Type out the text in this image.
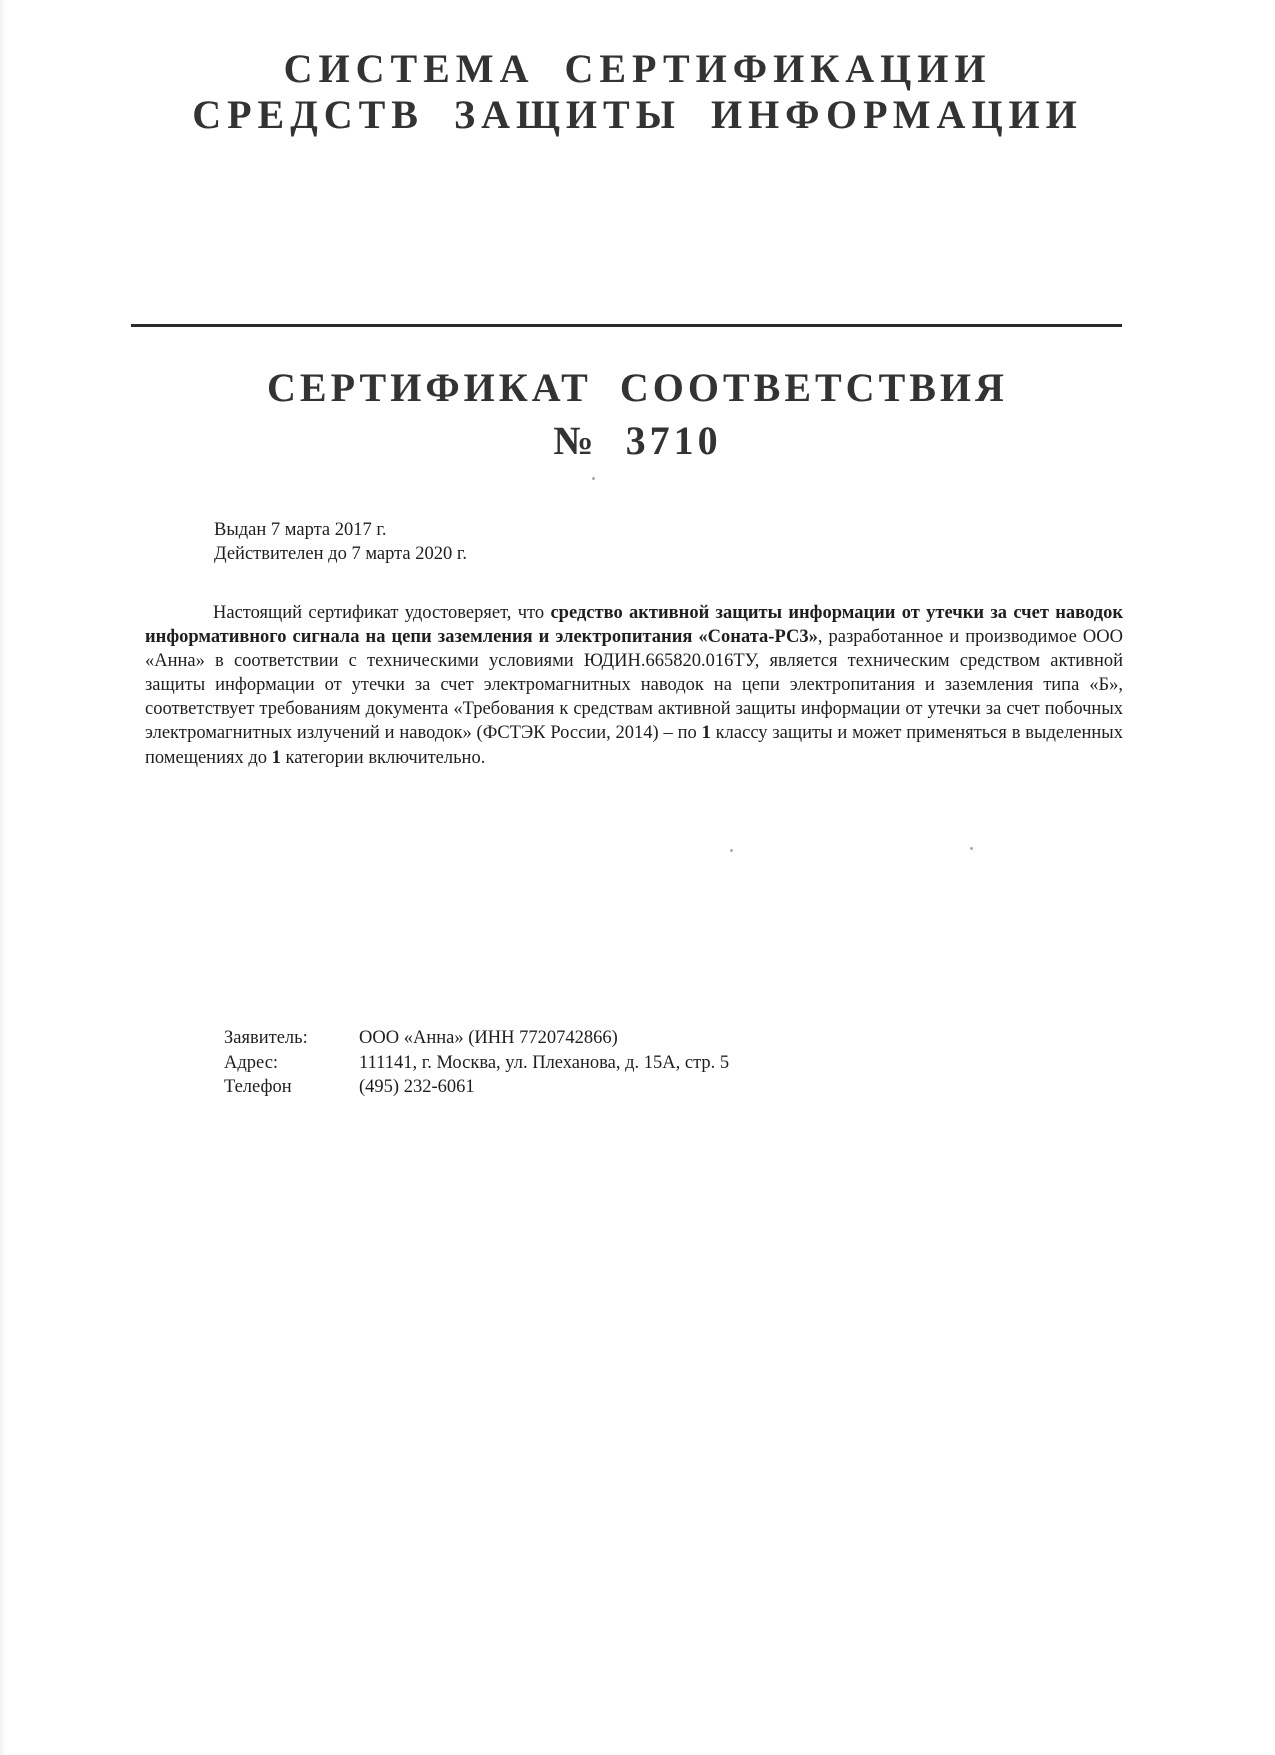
СИСТЕМА СЕРТИФИКАЦИИ
СРЕДСТВ ЗАЩИТЫ ИНФОРМАЦИИ
СЕРТИФИКАТ СООТВЕТСТВИЯ
№ 3710
Выдан 7 марта 2017 г.
Действителен до 7 марта 2020 г.

Настоящий сертификат удостоверяет, что средство активной защиты информации от утечки за счет наводок информативного сигнала на цепи заземления и электропитания «Соната-РС3», разработанное и производимое ООО «Анна» в соответствии с техническими условиями ЮДИН.665820.016ТУ, является техническим средством активной защиты информации от утечки за счет электромагнитных наводок на цепи электропитания и заземления типа «Б», соответствует требованиям документа «Требования к средствам активной защиты информации от утечки за счет побочных электромагнитных излучений и наводок» (ФСТЭК России, 2014) – по 1 классу защиты и может применяться в выделенных помещениях до 1 категории включительно.

Заявитель:	ООО «Анна» (ИНН 7720742866)
Адрес:	111141, г. Москва, ул. Плеханова, д. 15А, стр. 5
Телефон	(495) 232-6061
